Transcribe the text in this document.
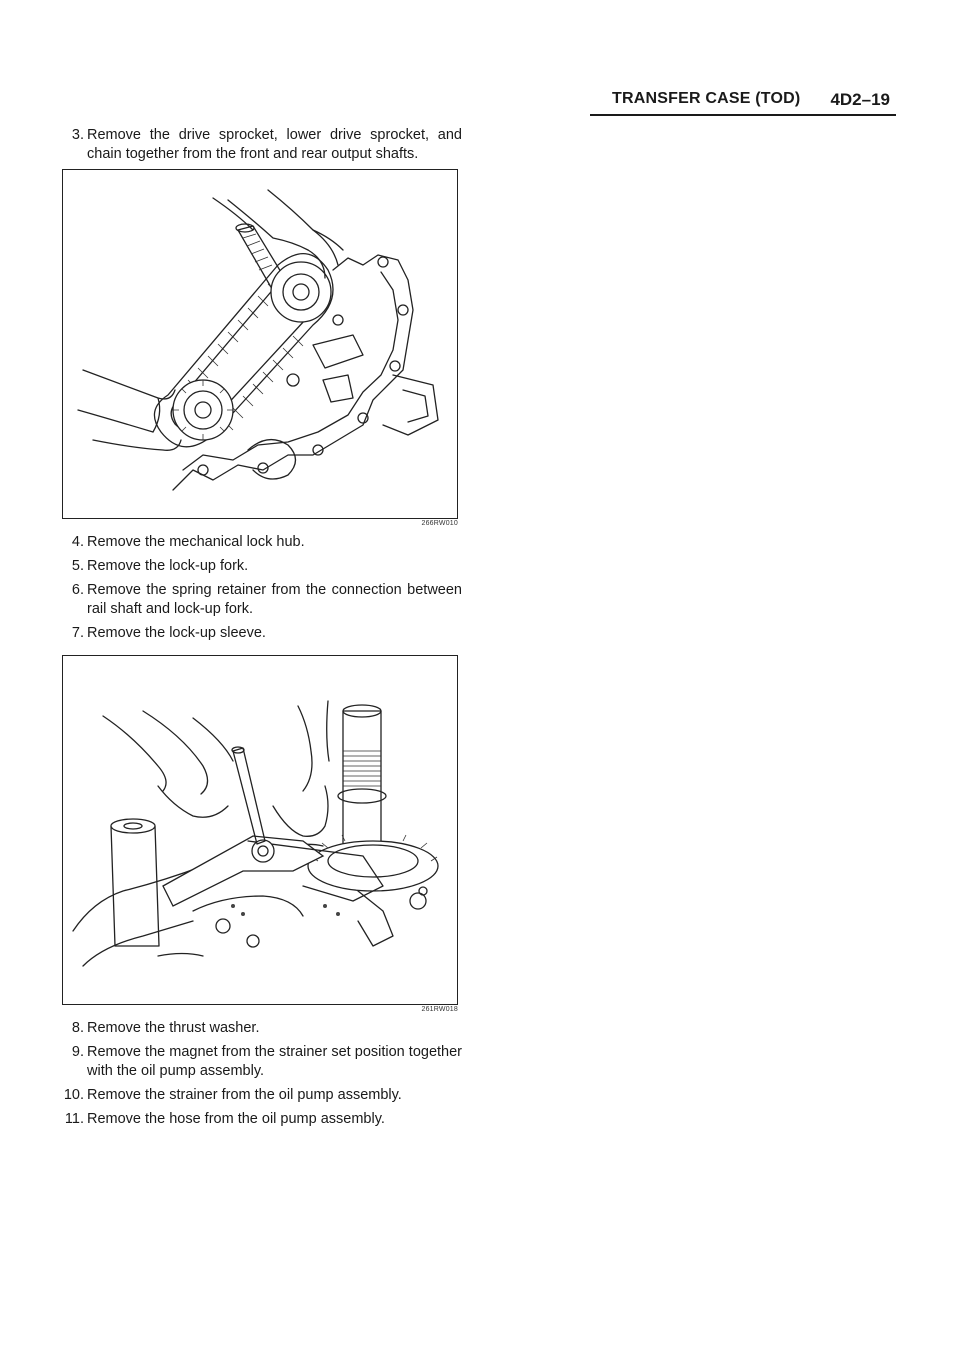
TRANSFER CASE (TOD) 4D2–19
3. Remove the drive sprocket, lower drive sprocket, and chain together from the front and rear output shafts.
266RW010
4. Remove the mechanical lock hub.
5. Remove the lock-up fork.
6. Remove the spring retainer from the connection between rail shaft and lock-up fork.
7. Remove the lock-up sleeve.
261RW018
8. Remove the thrust washer.
9. Remove the magnet from the strainer set position together with the oil pump assembly.
10. Remove the strainer from the oil pump assembly.
11. Remove the hose from the oil pump assembly.
